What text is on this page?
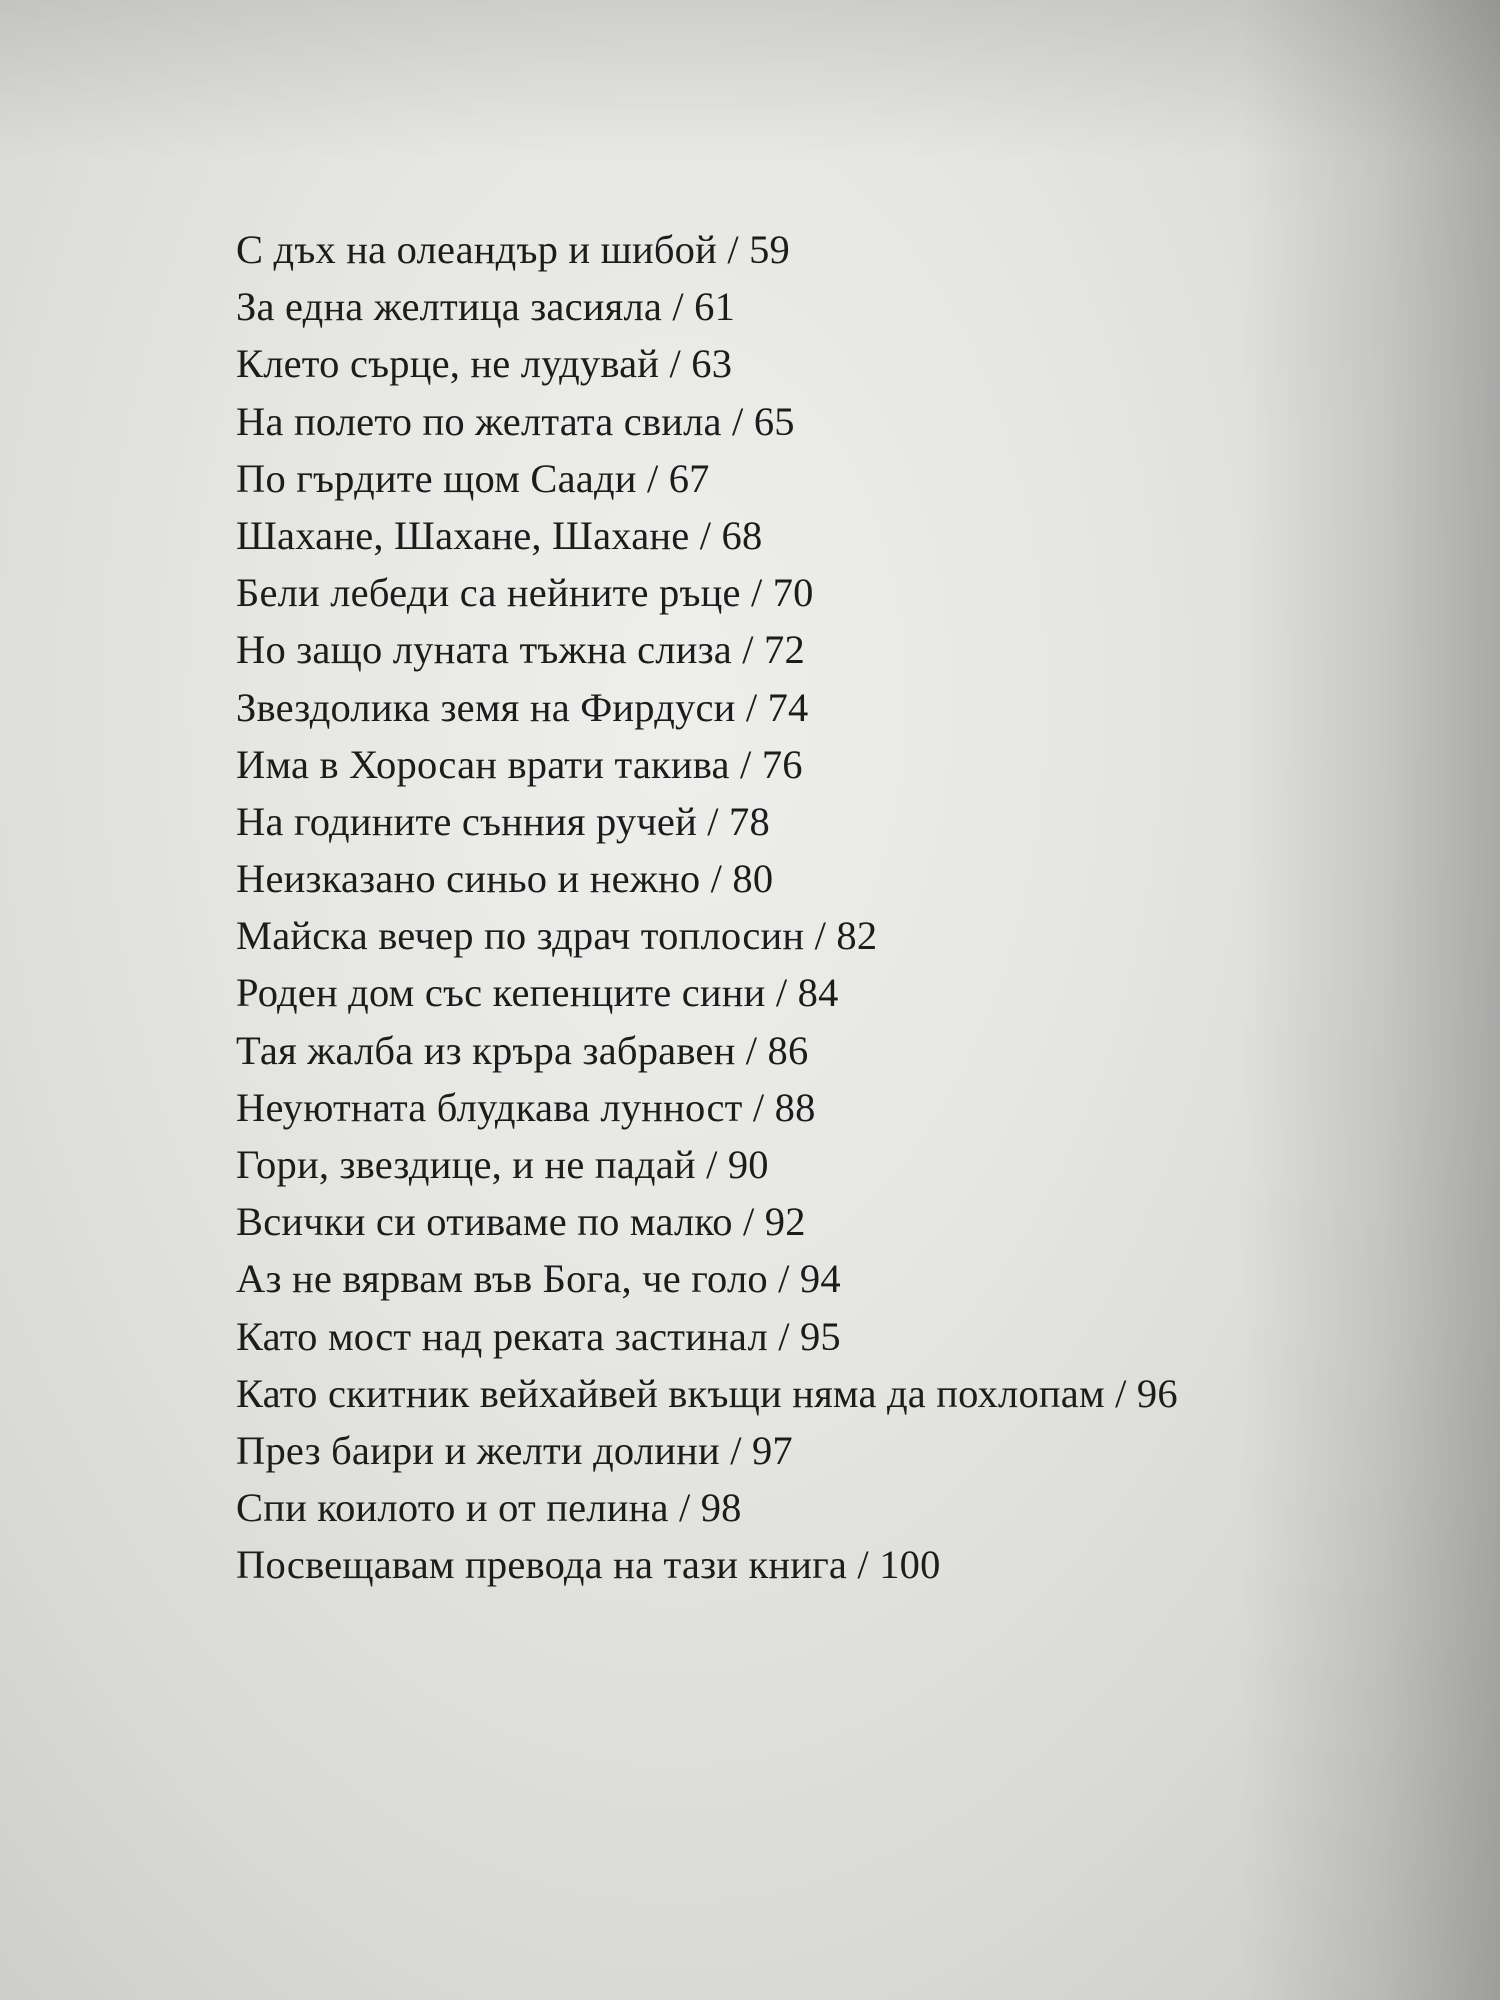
С дъх на олеандър и шибой / 59
За една желтица засияла / 61
Клето сърце, не лудувай / 63
На полето по желтата свила / 65
По гърдите щом Саади / 67
Шахане, Шахане, Шахане / 68
Бели лебеди са нейните ръце / 70
Но защо луната тъжна слиза / 72
Звездолика земя на Фирдуси / 74
Има в Хоросан врати такива / 76
На годините сънния ручей / 78
Неизказано синьо и нежно / 80
Майска вечер по здрач топлосин / 82
Роден дом със кепенците сини / 84
Тая жалба из кръра забравен / 86
Неуютната блудкава лунност / 88
Гори, звездице, и не падай / 90
Всички си отиваме по малко / 92
Аз не вярвам във Бога, че голо / 94
Като мост над реката застинал / 95
Като скитник вейхайвей вкъщи няма да похлопам / 96
През баири и желти долини / 97
Спи коилото и от пелина / 98
Посвещавам превода на тази книга / 100
